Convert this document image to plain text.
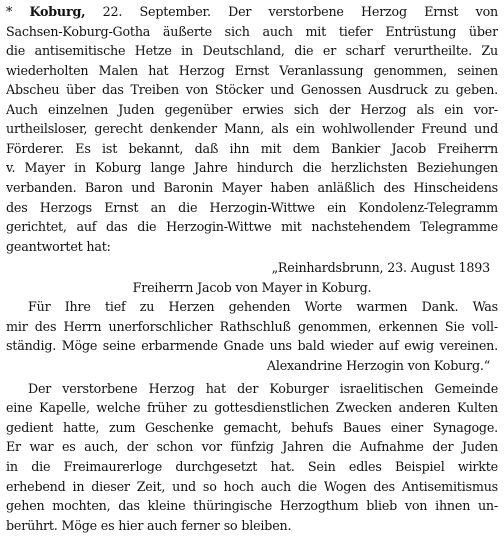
* Koburg, 22. September. Der verstorbene Herzog Ernst von
Sachsen-Koburg-Gotha äußerte sich auch mit tiefer Entrüstung über
die antisemitische Hetze in Deutschland, die er scharf verurtheilte. Zu
wiederholten Malen hat Herzog Ernst Veranlassung genommen, seinen
Abscheu über das Treiben von Stöcker und Genossen Ausdruck zu geben.
Auch einzelnen Juden gegenüber erwies sich der Herzog als ein vor-
urtheilsloser, gerecht denkender Mann, als ein wohlwollender Freund und
Förderer. Es ist bekannt, daß ihn mit dem Bankier Jacob Freiherrn
v. Mayer in Koburg lange Jahre hindurch die herzlichsten Beziehungen
verbanden. Baron und Baronin Mayer haben anläßlich des Hinscheidens
des Herzogs Ernst an die Herzogin-Wittwe ein Kondolenz-Telegramm
gerichtet, auf das die Herzogin-Wittwe mit nachstehendem Telegramme
geantwortet hat:
„Reinhardsbrunn, 23. August 1893
Freiherrn Jacob von Mayer in Koburg.
Für Ihre tief zu Herzen gehenden Worte warmen Dank. Was
mir des Herrn unerforschlicher Rathschluß genommen, erkennen Sie voll-
ständig. Möge seine erbarmende Gnade uns bald wieder auf ewig vereinen.
Alexandrine Herzogin von Koburg.“
Der verstorbene Herzog hat der Koburger israelitischen Gemeinde
eine Kapelle, welche früher zu gottesdienstlichen Zwecken anderen Kulten
gedient hatte, zum Geschenke gemacht, behufs Baues einer Synagoge.
Er war es auch, der schon vor fünfzig Jahren die Aufnahme der Juden
in die Freimaurerloge durchgesetzt hat. Sein edles Beispiel wirkte
erhebend in dieser Zeit, und so hoch auch die Wogen des Antisemitismus
gehen mochten, das kleine thüringische Herzogthum blieb von ihnen un-
berührt. Möge es hier auch ferner so bleiben.
